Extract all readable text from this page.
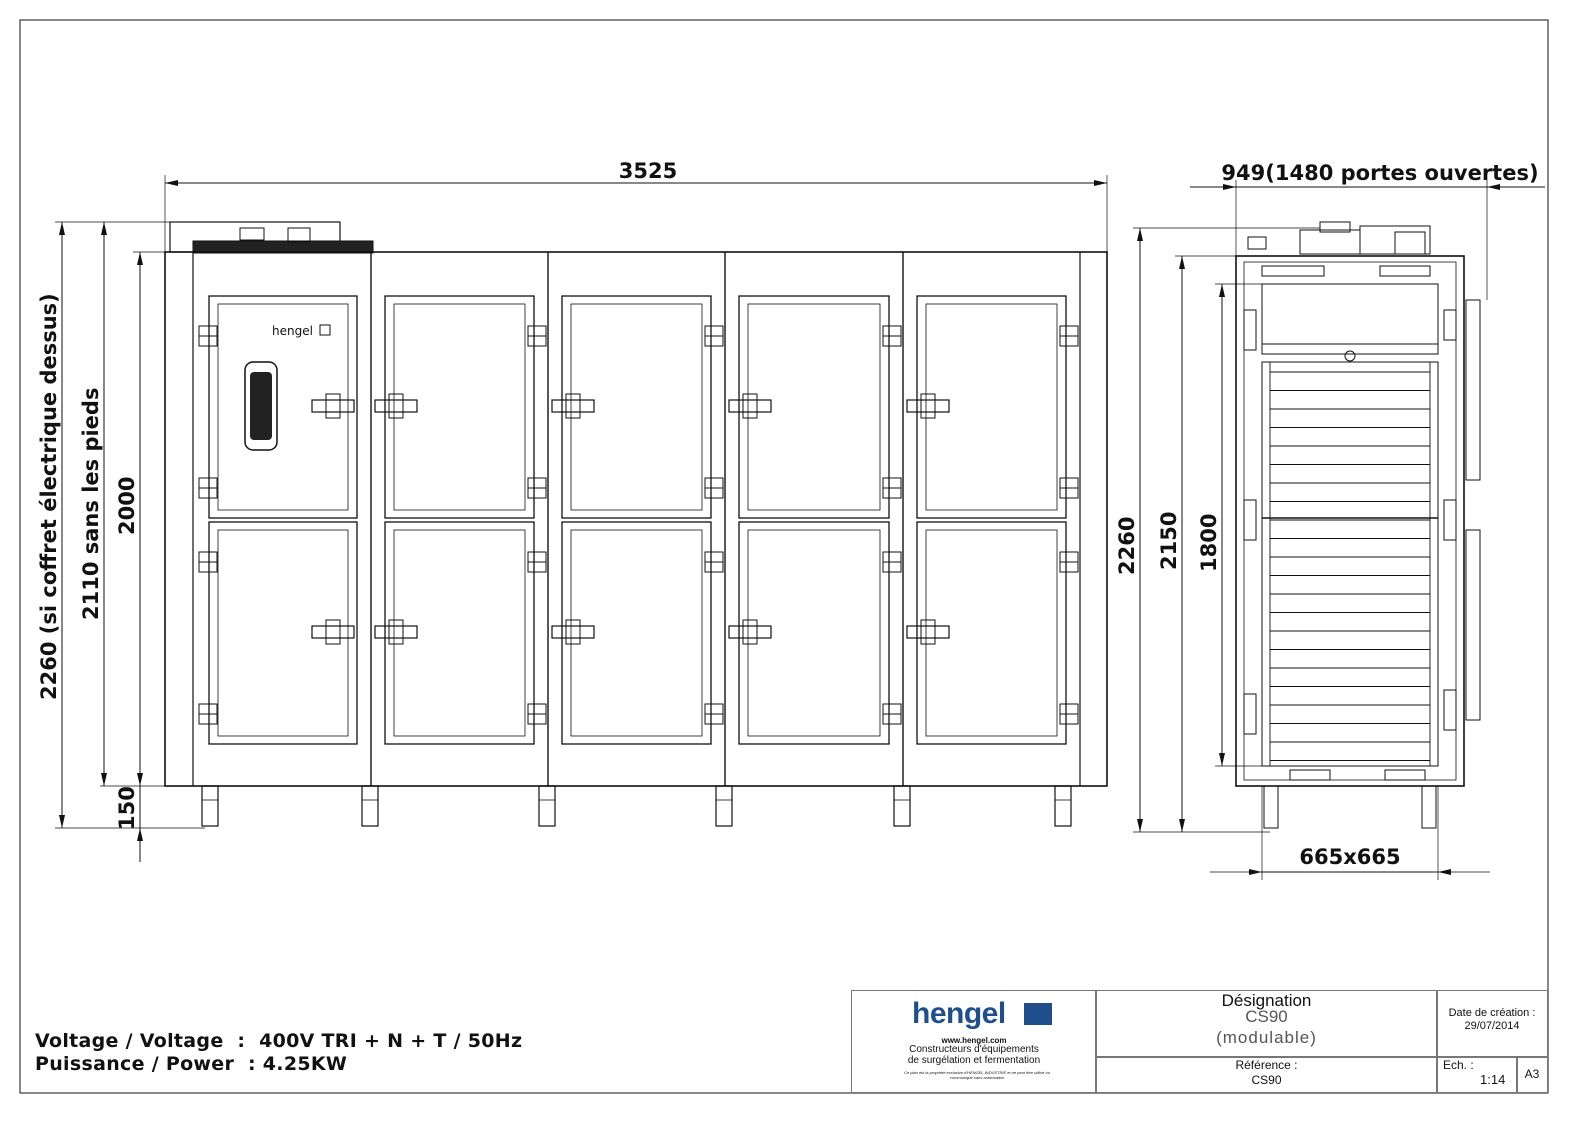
hengel
3525
2260 (si coffret électrique dessus) 2110 sans les pieds 2000
150
949(1480 portes ouvertes)
665x665
2260 2150 1800
Voltage / Voltage  :  400V TRI + N + T / 50Hz
Puissance / Power  : 4.25KW
hengel
www.hengel.com
Constructeurs d'équipements
de surgélation et fermentation
Ce plan est la propriété exclusive d'HENGEL INDUSTRIE et ne peut être utilisé ou communiqué sans autorisation
Désignation
CS90
(modulable)
Référence :
CS90
Date de création :
29/07/2014
Ech. :
1:14	A3
